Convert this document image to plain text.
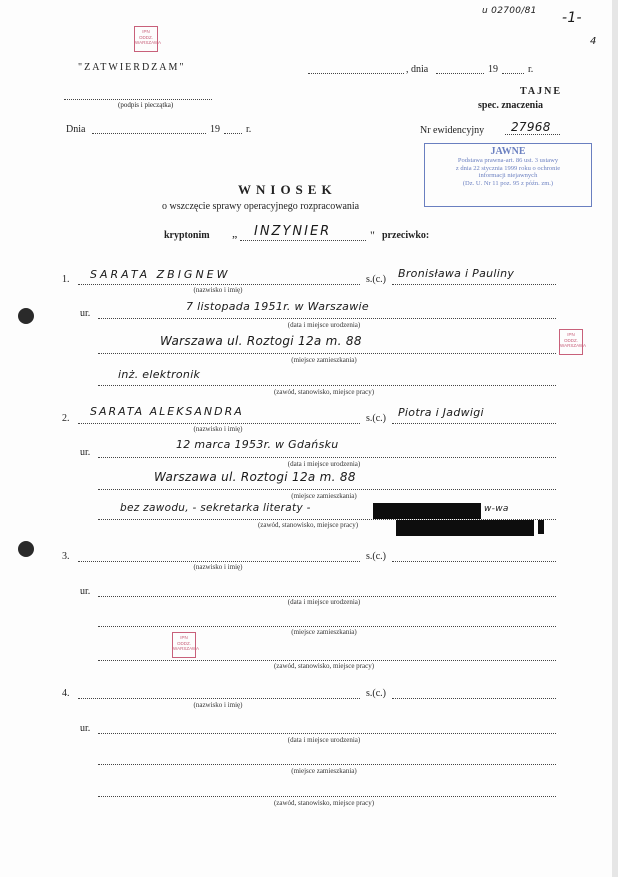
u 02700/81 -1-
4
IPN
ODDZ.
WARSZAWA
IPN
ODDZ.
WARSZAWA
IPN
ODDZ.
WARSZAWA
"ZATWIERDZAM"	, dnia	19	r.
(podpis i pieczątka)
Dnia	19	r.
TAJNE
spec. znaczenia
Nr ewidencyjny 27968
JAWNE
Podstawa prawna-art. 86 ust. 3 ustawy
z dnia 22 stycznia 1999 roku o ochronie
informacji niejawnych
(Dz. U. Nr 11 poz. 95 z późn. zm.)
WNIOSEK
o wszczęcie sprawy operacyjnego rozpracowania
kryptonim „ INZYNIER	" przeciwko:
1. SARATA ZBIGNEW
(nazwisko i imię)
s.(c.) Bronisława i Pauliny
ur.
7 listopada 1951r. w Warszawie
(data i miejsce urodzenia)
Warszawa ul. Roztogi 12a m. 88
(miejsce zamieszkania)
inż. elektronik
(zawód, stanowisko, miejsce pracy)
2.
SARATA ALEKSANDRA
(nazwisko i imię)
s.(c.) Piotra i Jadwigi
ur.
12 marca 1953r. w Gdańsku
(data i miejsce urodzenia)
Warszawa ul. Roztogi 12a m. 88
(miejsce zamieszkania)
bez zawodu, - sekretarka literaty -	w-wa
(zawód, stanowisko, miejsce pracy)
3.
(nazwisko i imię)
s.(c.)
ur.
(data i miejsce urodzenia)
(miejsce zamieszkania)
(zawód, stanowisko, miejsce pracy)
4.
(nazwisko i imię)
s.(c.)
ur.
(data i miejsce urodzenia)
(miejsce zamieszkania)
(zawód, stanowisko, miejsce pracy)
